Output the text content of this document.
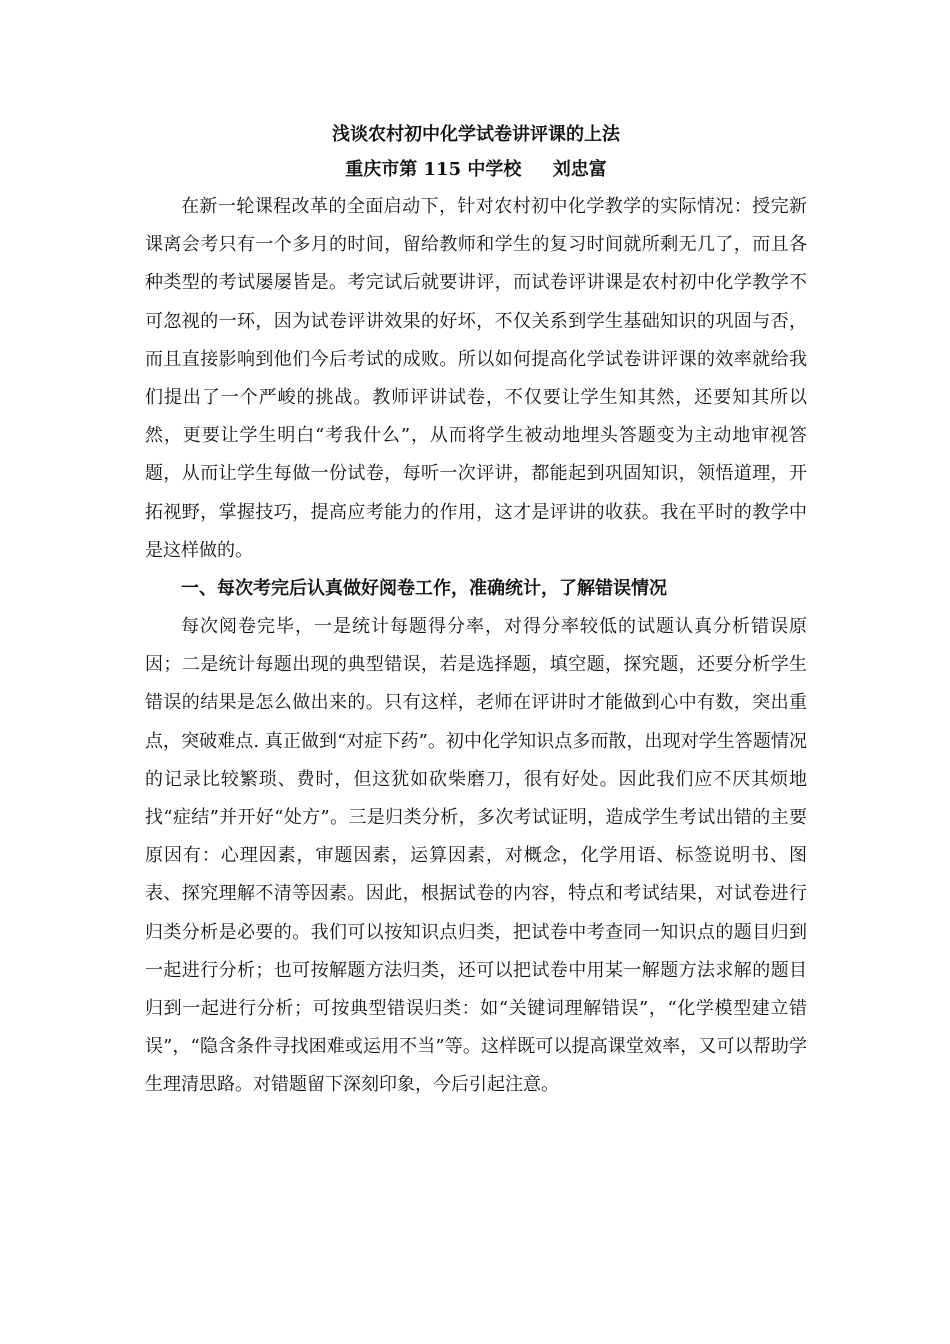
浅谈农村初中化学试卷讲评课的上法
重庆市第 115 中学校     刘忠富

在新一轮课程改革的全面启动下，针对农村初中化学教学的实际情况：授完新课离会考只有一个多月的时间，留给教师和学生的复习时间就所剩无几了，而且各种类型的考试屡屡皆是。考完试后就要讲评，而试卷评讲课是农村初中化学教学不可忽视的一环，因为试卷评讲效果的好坏，不仅关系到学生基础知识的巩固与否，而且直接影响到他们今后考试的成败。所以如何提高化学试卷讲评课的效率就给我们提出了一个严峻的挑战。教师评讲试卷，不仅要让学生知其然，还要知其所以然，更要让学生明白“考我什么”，从而将学生被动地埋头答题变为主动地审视答题，从而让学生每做一份试卷，每听一次评讲，都能起到巩固知识，领悟道理，开拓视野，掌握技巧，提高应考能力的作用，这才是评讲的收获。我在平时的教学中是这样做的。

一、每次考完后认真做好阅卷工作，准确统计，了解错误情况

每次阅卷完毕，一是统计每题得分率，对得分率较低的试题认真分析错误原因；二是统计每题出现的典型错误，若是选择题，填空题，探究题，还要分析学生错误的结果是怎么做出来的。只有这样，老师在评讲时才能做到心中有数，突出重点，突破难点. 真正做到“对症下药”。初中化学知识点多而散，出现对学生答题情况的记录比较繁琐、费时，但这犹如砍柴磨刀，很有好处。因此我们应不厌其烦地找“症结”并开好“处方”。三是归类分析，多次考试证明，造成学生考试出错的主要原因有：心理因素，审题因素，运算因素，对概念，化学用语、标签说明书、图表、探究理解不清等因素。因此，根据试卷的内容，特点和考试结果，对试卷进行归类分析是必要的。我们可以按知识点归类，把试卷中考查同一知识点的题目归到一起进行分析；也可按解题方法归类，还可以把试卷中用某一解题方法求解的题目归到一起进行分析；可按典型错误归类：如“关键词理解错误”，“化学模型建立错误”，“隐含条件寻找困难或运用不当”等。这样既可以提高课堂效率，又可以帮助学生理清思路。对错题留下深刻印象，今后引起注意。
